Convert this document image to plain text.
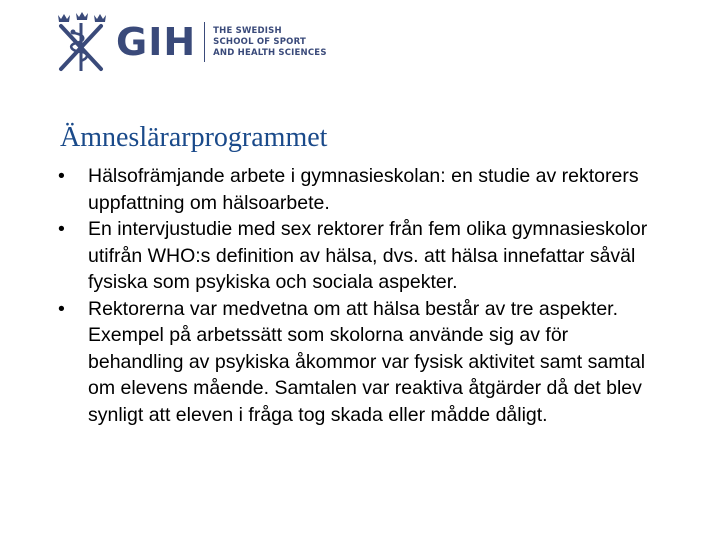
GIH THE SWEDISH
SCHOOL OF SPORT
AND HEALTH SCIENCES
Ämneslärarprogrammet
• Hälsofrämjande arbete i gymnasieskolan: en studie av rektorers uppfattning om hälsoarbete.
• En intervjustudie med sex rektorer från fem olika gymnasieskolor utifrån WHO:s definition av hälsa, dvs. att hälsa innefattar såväl fysiska som psykiska och sociala aspekter.
• Rektorerna var medvetna om att hälsa består av tre aspekter. Exempel på arbetssätt som skolorna använde sig av för behandling av psykiska åkommor var fysisk aktivitet samt samtal om elevens mående. Samtalen var reaktiva åtgärder då det blev synligt att eleven i fråga tog skada eller mådde dåligt.
